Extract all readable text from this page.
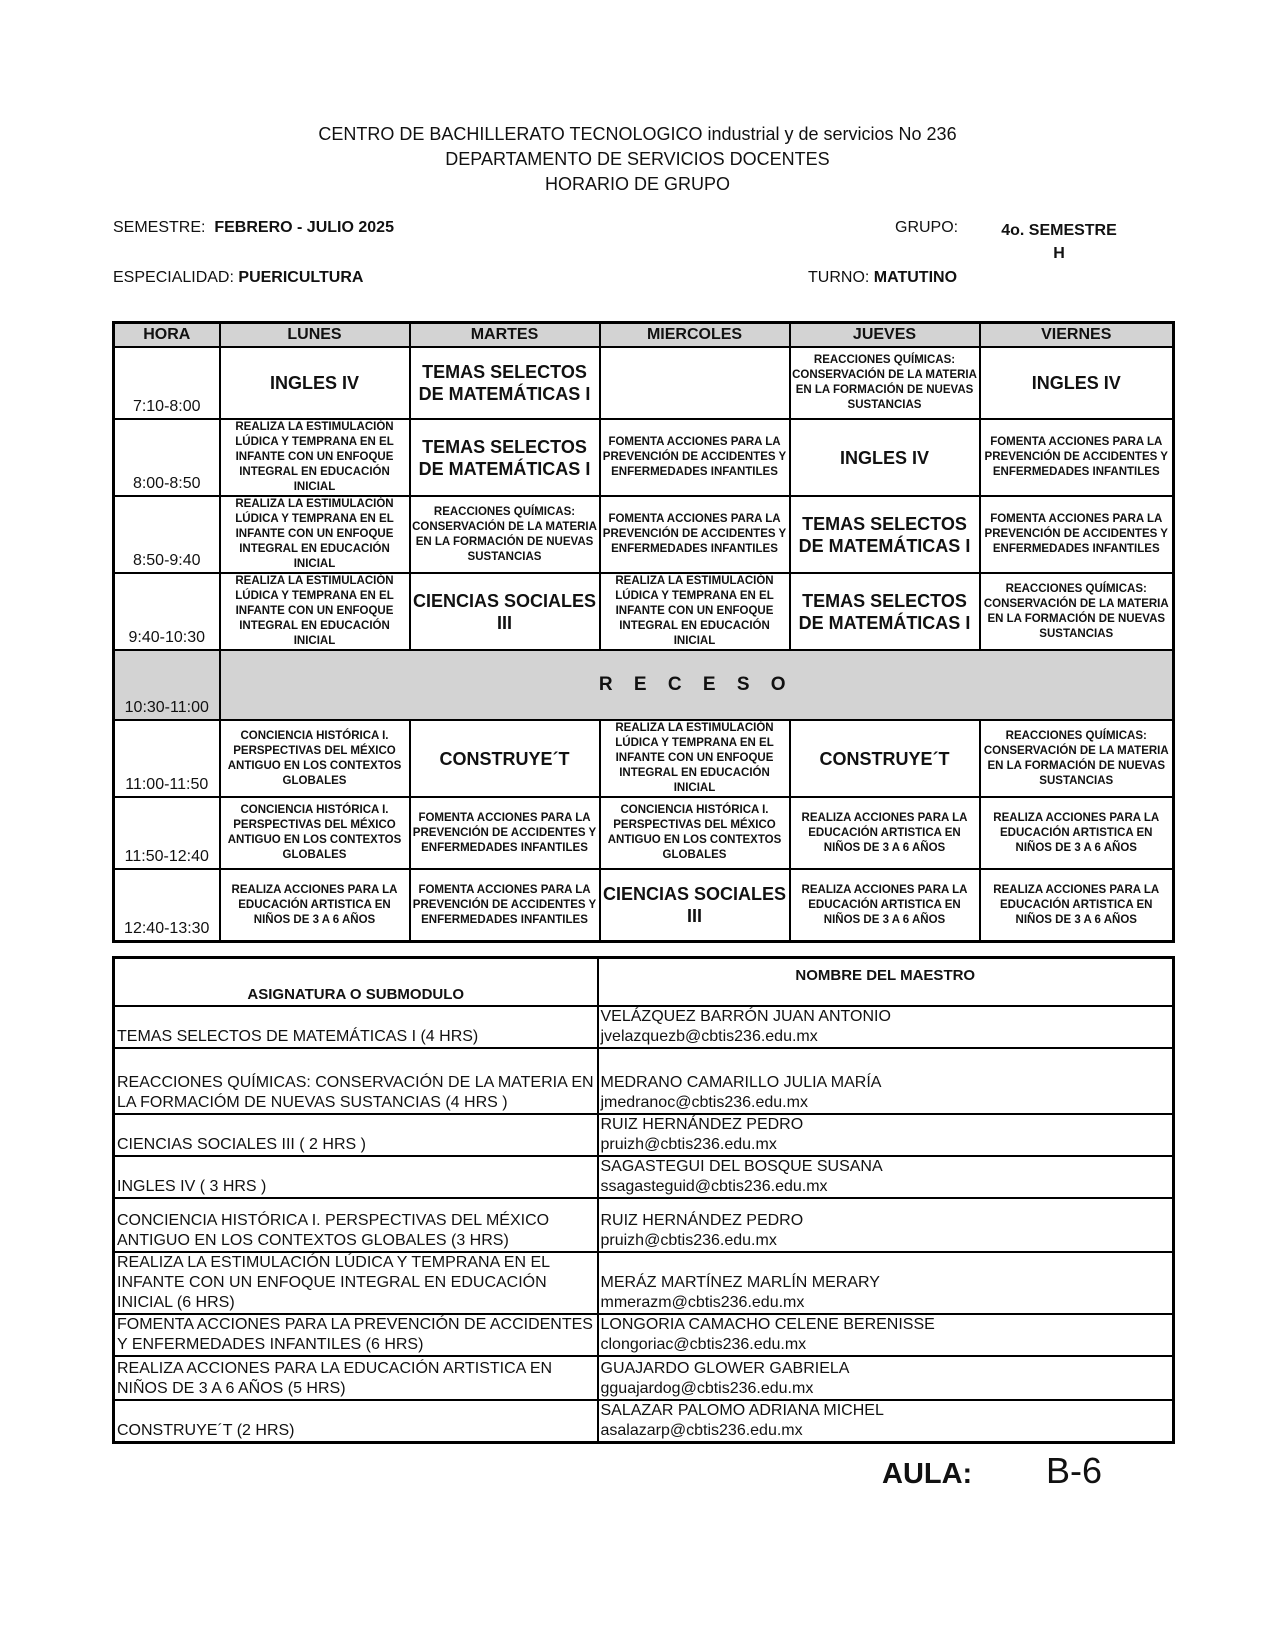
CENTRO DE BACHILLERATO TECNOLOGICO industrial y de servicios No 236
DEPARTAMENTO DE SERVICIOS DOCENTES
HORARIO DE GRUPO
SEMESTRE: FEBRERO - JULIO 2025	GRUPO:	4o. SEMESTRE
H
ESPECIALIDAD: PUERICULTURA	TURNO: MATUTINO
HORA	LUNES	MARTES	MIERCOLES	JUEVES	VIERNES
7:10-8:00	INGLES IV	TEMAS SELECTOS DE MATEMÁTICAS I		REACCIONES QUÍMICAS: CONSERVACIÓN DE LA MATERIA EN LA FORMACIÓN DE NUEVAS SUSTANCIAS	INGLES IV
8:00-8:50	REALIZA LA ESTIMULACIÓN LÚDICA Y TEMPRANA EN EL INFANTE CON UN ENFOQUE INTEGRAL EN EDUCACIÓN INICIAL	TEMAS SELECTOS DE MATEMÁTICAS I	FOMENTA ACCIONES PARA LA PREVENCIÓN DE ACCIDENTES Y ENFERMEDADES INFANTILES	INGLES IV	FOMENTA ACCIONES PARA LA PREVENCIÓN DE ACCIDENTES Y ENFERMEDADES INFANTILES
8:50-9:40	REALIZA LA ESTIMULACIÓN LÚDICA Y TEMPRANA EN EL INFANTE CON UN ENFOQUE INTEGRAL EN EDUCACIÓN INICIAL	REACCIONES QUÍMICAS: CONSERVACIÓN DE LA MATERIA EN LA FORMACIÓN DE NUEVAS SUSTANCIAS	FOMENTA ACCIONES PARA LA PREVENCIÓN DE ACCIDENTES Y ENFERMEDADES INFANTILES	TEMAS SELECTOS DE MATEMÁTICAS I	FOMENTA ACCIONES PARA LA PREVENCIÓN DE ACCIDENTES Y ENFERMEDADES INFANTILES
9:40-10:30	REALIZA LA ESTIMULACIÓN LÚDICA Y TEMPRANA EN EL INFANTE CON UN ENFOQUE INTEGRAL EN EDUCACIÓN INICIAL	CIENCIAS SOCIALES III	REALIZA LA ESTIMULACIÓN LÚDICA Y TEMPRANA EN EL INFANTE CON UN ENFOQUE INTEGRAL EN EDUCACIÓN INICIAL	TEMAS SELECTOS DE MATEMÁTICAS I	REACCIONES QUÍMICAS: CONSERVACIÓN DE LA MATERIA EN LA FORMACIÓN DE NUEVAS SUSTANCIAS
10:30-11:00	R E C E S O				
11:00-11:50	CONCIENCIA HISTÓRICA I. PERSPECTIVAS DEL MÉXICO ANTIGUO EN LOS CONTEXTOS GLOBALES	CONSTRUYE´T	REALIZA LA ESTIMULACIÓN LÚDICA Y TEMPRANA EN EL INFANTE CON UN ENFOQUE INTEGRAL EN EDUCACIÓN INICIAL	CONSTRUYE´T	REACCIONES QUÍMICAS: CONSERVACIÓN DE LA MATERIA EN LA FORMACIÓN DE NUEVAS SUSTANCIAS
11:50-12:40	CONCIENCIA HISTÓRICA I. PERSPECTIVAS DEL MÉXICO ANTIGUO EN LOS CONTEXTOS GLOBALES	FOMENTA ACCIONES PARA LA PREVENCIÓN DE ACCIDENTES Y ENFERMEDADES INFANTILES	CONCIENCIA HISTÓRICA I. PERSPECTIVAS DEL MÉXICO ANTIGUO EN LOS CONTEXTOS GLOBALES	REALIZA ACCIONES PARA LA EDUCACIÓN ARTISTICA EN NIÑOS DE 3 A 6 AÑOS	REALIZA ACCIONES PARA LA EDUCACIÓN ARTISTICA EN NIÑOS DE 3 A 6 AÑOS
12:40-13:30	REALIZA ACCIONES PARA LA EDUCACIÓN ARTISTICA EN NIÑOS DE 3 A 6 AÑOS	FOMENTA ACCIONES PARA LA PREVENCIÓN DE ACCIDENTES Y ENFERMEDADES INFANTILES	CIENCIAS SOCIALES III	REALIZA ACCIONES PARA LA EDUCACIÓN ARTISTICA EN NIÑOS DE 3 A 6 AÑOS	REALIZA ACCIONES PARA LA EDUCACIÓN ARTISTICA EN NIÑOS DE 3 A 6 AÑOS
ASIGNATURA O SUBMODULO	NOMBRE DEL MAESTRO
TEMAS SELECTOS DE MATEMÁTICAS I (4 HRS)	VELÁZQUEZ BARRÓN JUAN ANTONIO
jvelazquezb@cbtis236.edu.mx

REACCIONES QUÍMICAS: CONSERVACIÓN DE LA MATERIA EN LA FORMACIÓM DE NUEVAS SUSTANCIAS (4 HRS )	MEDRANO CAMARILLO JULIA MARÍA
jmedranoc@cbtis236.edu.mx

CIENCIAS SOCIALES III ( 2 HRS )	RUIZ HERNÁNDEZ PEDRO
pruizh@cbtis236.edu.mx

INGLES IV ( 3 HRS )	SAGASTEGUI DEL BOSQUE SUSANA
ssagasteguid@cbtis236.edu.mx

CONCIENCIA HISTÓRICA I. PERSPECTIVAS DEL MÉXICO ANTIGUO EN LOS CONTEXTOS GLOBALES (3 HRS)	RUIZ HERNÁNDEZ PEDRO
pruizh@cbtis236.edu.mx

REALIZA LA ESTIMULACIÓN LÚDICA Y TEMPRANA EN EL INFANTE CON UN ENFOQUE INTEGRAL EN EDUCACIÓN INICIAL (6 HRS)	MERÁZ MARTÍNEZ MARLÍN MERARY
mmerazm@cbtis236.edu.mx

FOMENTA ACCIONES PARA LA PREVENCIÓN DE ACCIDENTES Y ENFERMEDADES INFANTILES (6 HRS)	LONGORIA CAMACHO CELENE BERENISSE
clongoriac@cbtis236.edu.mx

REALIZA ACCIONES PARA LA EDUCACIÓN ARTISTICA EN NIÑOS DE 3 A 6 AÑOS (5 HRS)	GUAJARDO GLOWER GABRIELA
gguajardog@cbtis236.edu.mx

CONSTRUYE´T (2 HRS)	SALAZAR PALOMO ADRIANA MICHEL
asalazarp@cbtis236.edu.mx
AULA: B-6
